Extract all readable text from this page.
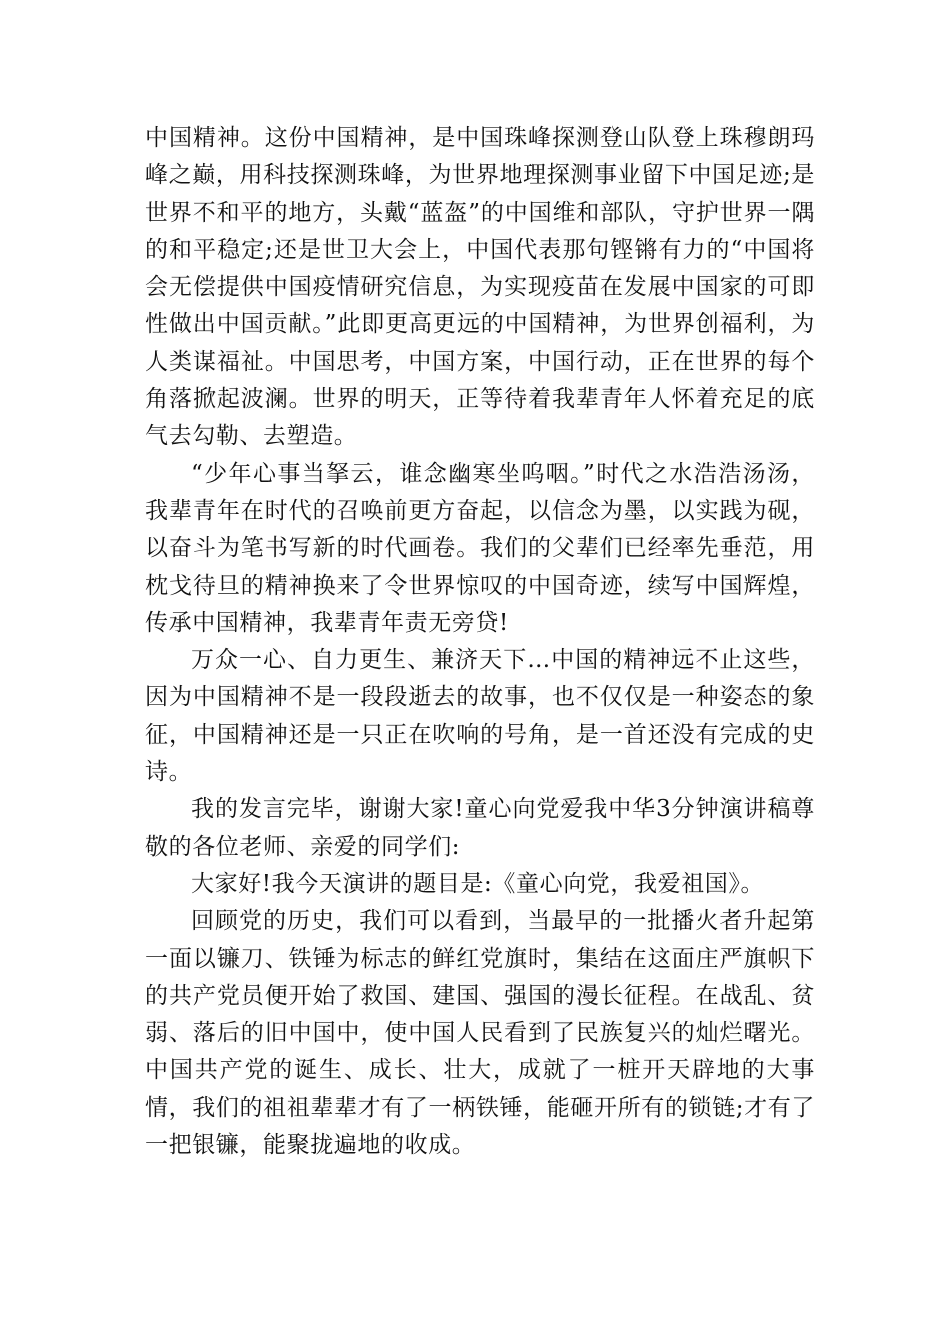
中国精神。这份中国精神，是中国珠峰探测登山队登上珠穆朗玛峰之巅，用科技探测珠峰，为世界地理探测事业留下中国足迹;是世界不和平的地方，头戴“蓝盔”的中国维和部队，守护世界一隅的和平稳定;还是世卫大会上，中国代表那句铿锵有力的“中国将会无偿提供中国疫情研究信息，为实现疫苗在发展中国家的可即性做出中国贡献。”此即更高更远的中国精神，为世界创福利，为人类谋福祉。中国思考，中国方案，中国行动，正在世界的每个角落掀起波澜。世界的明天，正等待着我辈青年人怀着充足的底气去勾勒、去塑造。

“少年心事当拏云，谁念幽寒坐呜咽。”时代之水浩浩汤汤，我辈青年在时代的召唤前更方奋起，以信念为墨，以实践为砚，以奋斗为笔书写新的时代画卷。我们的父辈们已经率先垂范，用枕戈待旦的精神换来了令世界惊叹的中国奇迹，续写中国辉煌，传承中国精神，我辈青年责无旁贷!

万众一心、自力更生、兼济天下…中国的精神远不止这些，因为中国精神不是一段段逝去的故事，也不仅仅是一种姿态的象征，中国精神还是一只正在吹响的号角，是一首还没有完成的史诗。

我的发言完毕，谢谢大家!童心向党爱我中华3分钟演讲稿尊敬的各位老师、亲爱的同学们:

大家好!我今天演讲的题目是:《童心向党，我爱祖国》。

回顾党的历史，我们可以看到，当最早的一批播火者升起第一面以镰刀、铁锤为标志的鲜红党旗时，集结在这面庄严旗帜下的共产党员便开始了救国、建国、强国的漫长征程。在战乱、贫弱、落后的旧中国中，使中国人民看到了民族复兴的灿烂曙光。中国共产党的诞生、成长、壮大，成就了一桩开天辟地的大事情，我们的祖祖辈辈才有了一柄铁锤，能砸开所有的锁链;才有了一把银镰，能聚拢遍地的收成。
